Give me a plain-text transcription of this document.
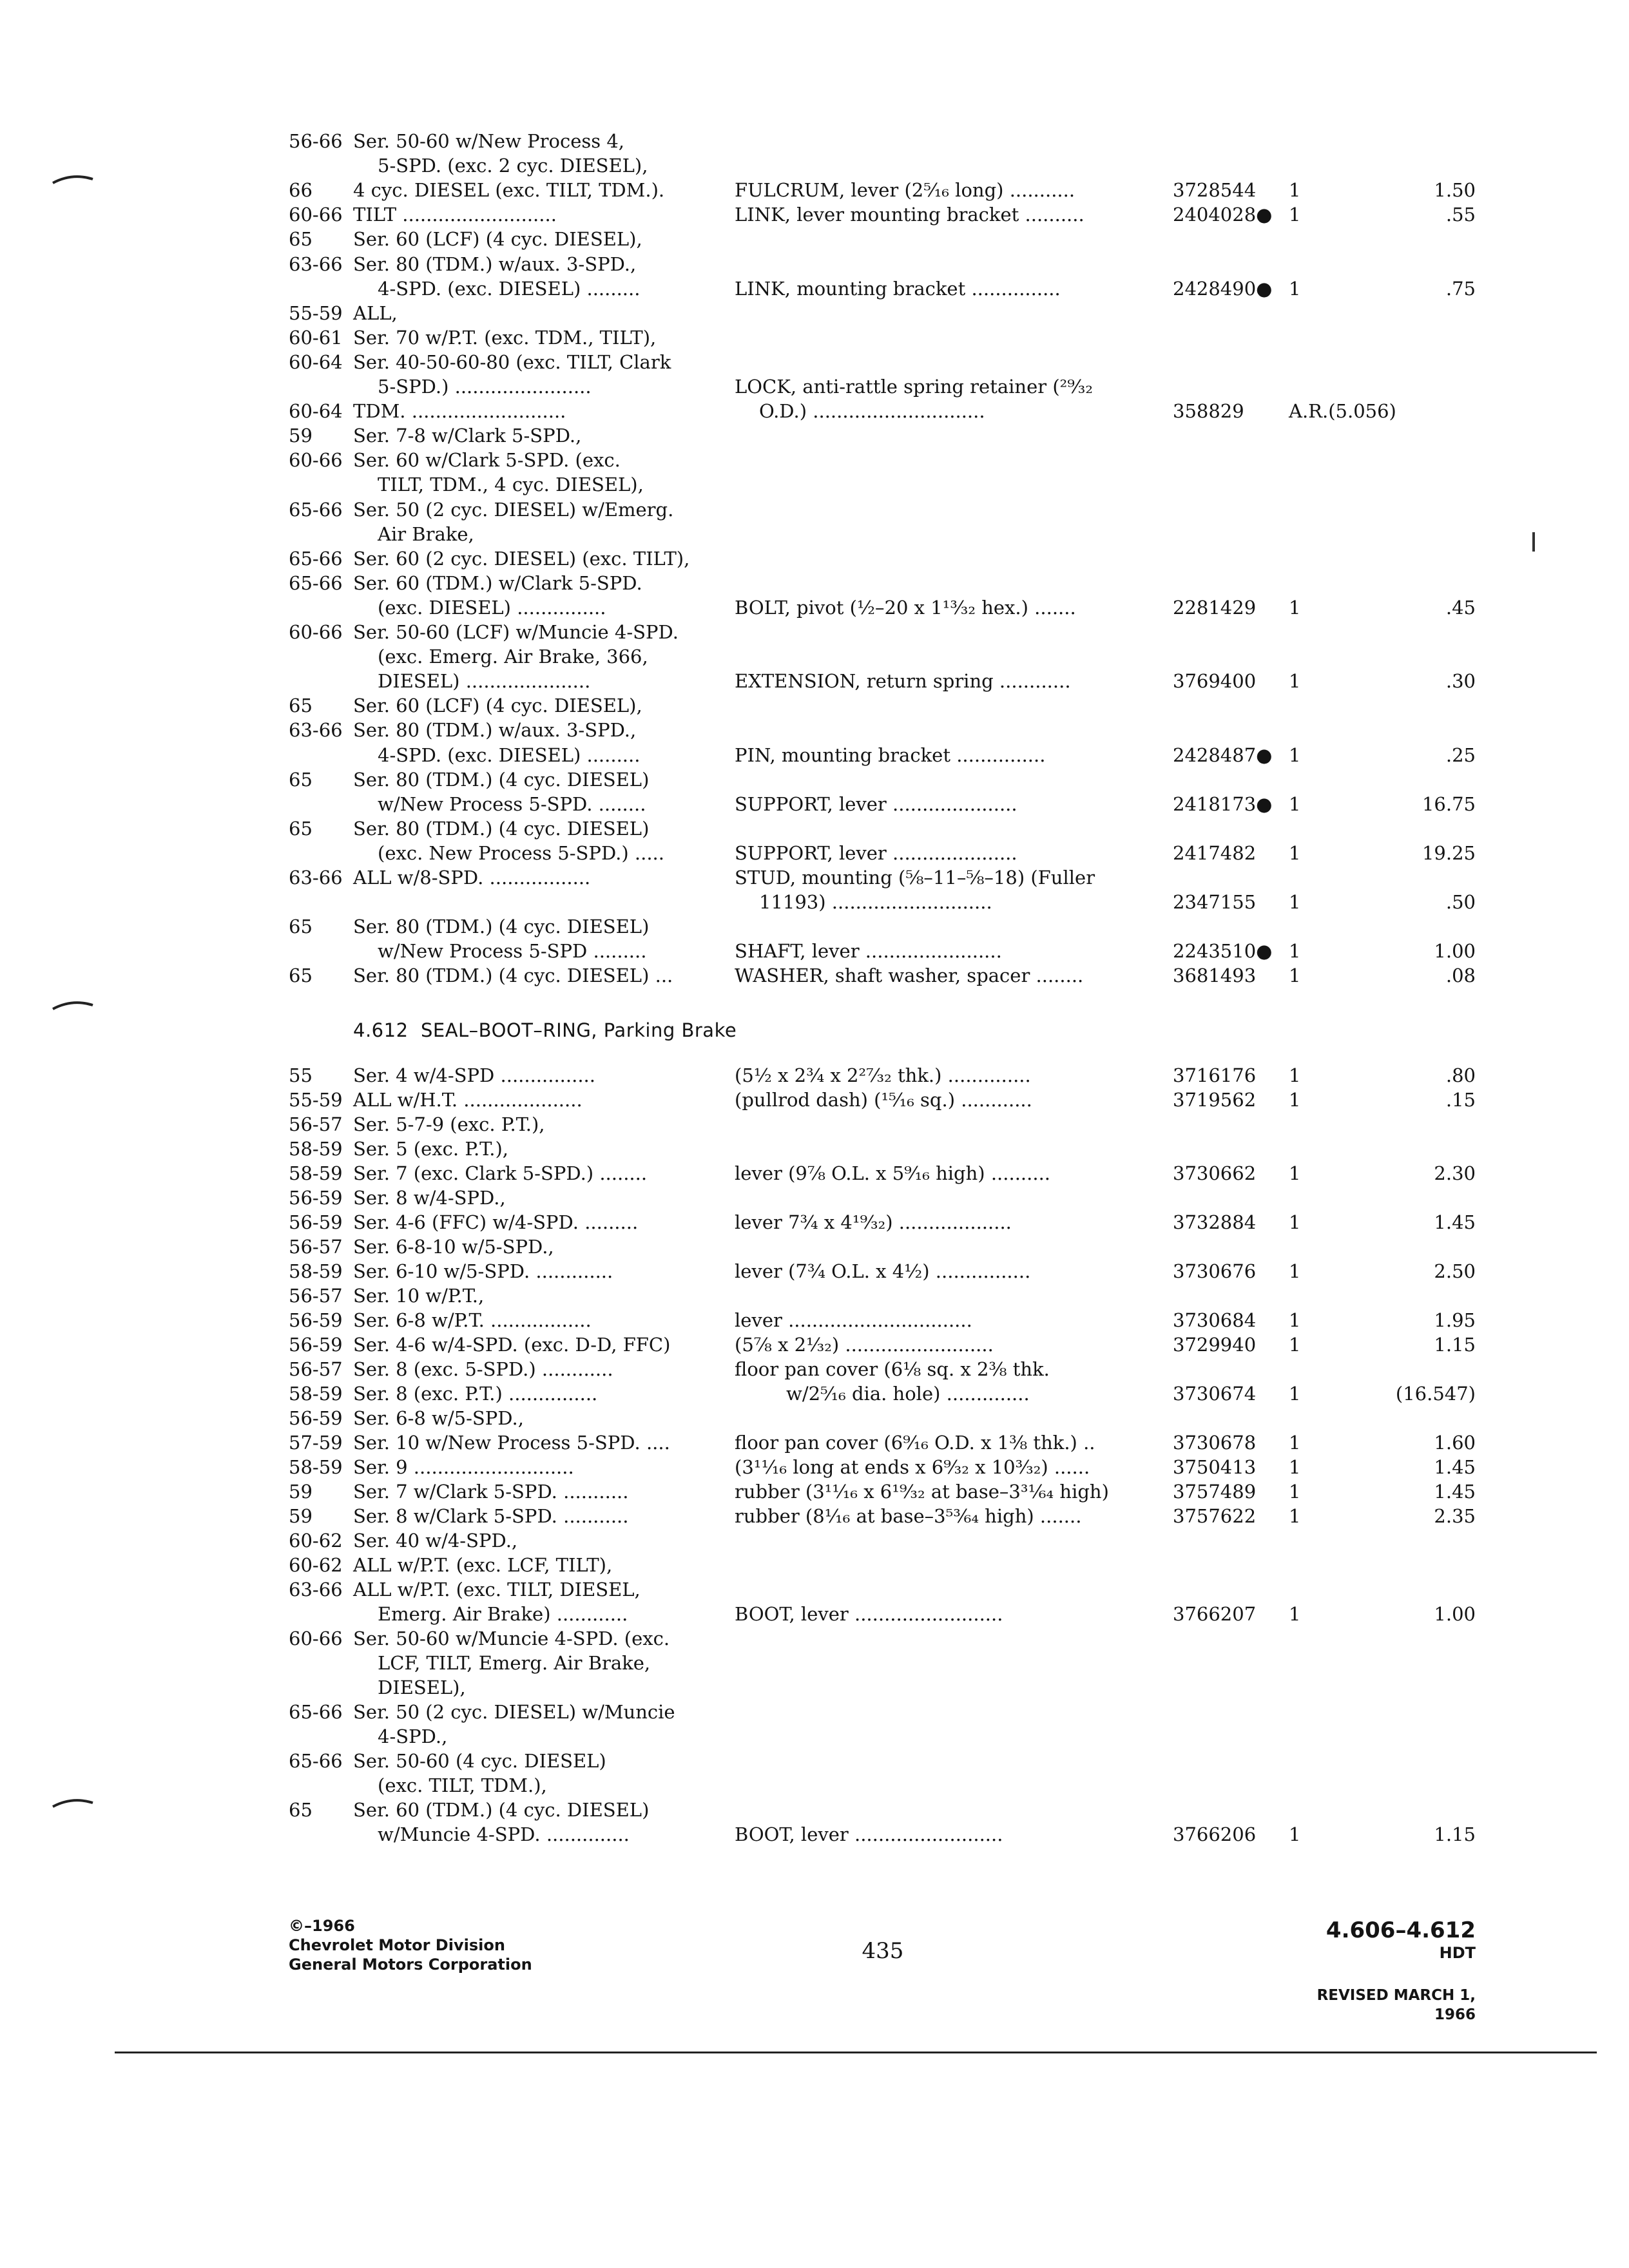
56-66 Ser. 50-60 w/New Process 4,
5-SPD. (exc. 2 cyc. DIESEL),
66	4 cyc. DIESEL (exc. TILT, TDM.).	FULCRUM, lever (2⁵⁄₁₆ long) ...........	3728544	1	1.50
60-66 TILT ..........................	LINK, lever mounting bracket ..........	2404028● 1	.55
65	Ser. 60 (LCF) (4 cyc. DIESEL),
63-66 Ser. 80 (TDM.) w/aux. 3-SPD.,
4-SPD. (exc. DIESEL) .........	LINK, mounting bracket ...............	2428490● 1	.75
55-59 ALL,
60-61 Ser. 70 w/P.T. (exc. TDM., TILT),
60-64 Ser. 40-50-60-80 (exc. TILT, Clark
5-SPD.) .......................	LOCK, anti-rattle spring retainer (²⁹⁄₃₂
60-64 TDM. ..........................	O.D.) .............................	358829	A.R.(5.056)
59	Ser. 7-8 w/Clark 5-SPD.,
60-66 Ser. 60 w/Clark 5-SPD. (exc.
TILT, TDM., 4 cyc. DIESEL),
65-66 Ser. 50 (2 cyc. DIESEL) w/Emerg.
Air Brake,
65-66 Ser. 60 (2 cyc. DIESEL) (exc. TILT),
65-66 Ser. 60 (TDM.) w/Clark 5-SPD.
(exc. DIESEL) ...............	BOLT, pivot (½–20 x 1¹³⁄₃₂ hex.) .......	2281429	1	.45
60-66 Ser. 50-60 (LCF) w/Muncie 4-SPD.
(exc. Emerg. Air Brake, 366,
DIESEL) .....................	EXTENSION, return spring ............	3769400	1	.30
65	Ser. 60 (LCF) (4 cyc. DIESEL),
63-66 Ser. 80 (TDM.) w/aux. 3-SPD.,
4-SPD. (exc. DIESEL) .........	PIN, mounting bracket ...............	2428487● 1	.25
65	Ser. 80 (TDM.) (4 cyc. DIESEL)
w/New Process 5-SPD. ........	SUPPORT, lever .....................	2418173● 1	16.75
65	Ser. 80 (TDM.) (4 cyc. DIESEL)
(exc. New Process 5-SPD.) .....	SUPPORT, lever .....................	2417482	1	19.25
63-66 ALL w/8-SPD. .................	STUD, mounting (⅝–11–⅝–18) (Fuller
11193) ...........................	2347155	1	.50
65	Ser. 80 (TDM.) (4 cyc. DIESEL)
w/New Process 5-SPD .........	SHAFT, lever .......................	2243510● 1	1.00
65	Ser. 80 (TDM.) (4 cyc. DIESEL) ...	WASHER, shaft washer, spacer ........	3681493	1	.08
4.612  SEAL–BOOT–RING, Parking Brake
55	Ser. 4 w/4-SPD ................	(5½ x 2¾ x 2²⁷⁄₃₂ thk.) ..............	3716176	1	.80
55-59 ALL w/H.T. ....................	(pullrod dash) (¹⁵⁄₁₆ sq.) ............	3719562	1	.15
56-57 Ser. 5-7-9 (exc. P.T.),
58-59 Ser. 5 (exc. P.T.),
58-59 Ser. 7 (exc. Clark 5-SPD.) ........	lever (9⅞ O.L. x 5⁹⁄₁₆ high) ..........	3730662	1	2.30
56-59 Ser. 8 w/4-SPD.,
56-59 Ser. 4-6 (FFC) w/4-SPD. .........	lever 7¾ x 4¹⁹⁄₃₂) ...................	3732884	1	1.45
56-57 Ser. 6-8-10 w/5-SPD.,
58-59 Ser. 6-10 w/5-SPD. .............	lever (7¾ O.L. x 4½) ................	3730676	1	2.50
56-57 Ser. 10 w/P.T.,
56-59 Ser. 6-8 w/P.T. .................	lever ...............................	3730684	1	1.95
56-59 Ser. 4-6 w/4-SPD. (exc. D-D, FFC)	(5⅞ x 2¹⁄₃₂) .........................	3729940	1	1.15
56-57 Ser. 8 (exc. 5-SPD.) ............	floor pan cover (6⅛ sq. x 2⅜ thk.
58-59 Ser. 8 (exc. P.T.) ...............	w/2⁵⁄₁₆ dia. hole) ..............	3730674	1	(16.547)
56-59 Ser. 6-8 w/5-SPD.,
57-59 Ser. 10 w/New Process 5-SPD. ....	floor pan cover (6⁹⁄₁₆ O.D. x 1⅜ thk.) ..	3730678	1	1.60
58-59 Ser. 9 ...........................	(3¹¹⁄₁₆ long at ends x 6⁹⁄₃₂ x 10³⁄₃₂) ......	3750413	1	1.45
59	Ser. 7 w/Clark 5-SPD. ...........	rubber (3¹¹⁄₁₆ x 6¹⁹⁄₃₂ at base–3³¹⁄₆₄ high)	3757489	1	1.45
59	Ser. 8 w/Clark 5-SPD. ...........	rubber (8¹⁄₁₆ at base–3⁵³⁄₆₄ high) .......	3757622	1	2.35
60-62 Ser. 40 w/4-SPD.,
60-62 ALL w/P.T. (exc. LCF, TILT),
63-66 ALL w/P.T. (exc. TILT, DIESEL,
Emerg. Air Brake) ............	BOOT, lever .........................	3766207	1	1.00
60-66 Ser. 50-60 w/Muncie 4-SPD. (exc.
LCF, TILT, Emerg. Air Brake,
DIESEL),
65-66 Ser. 50 (2 cyc. DIESEL) w/Muncie
4-SPD.,
65-66 Ser. 50-60 (4 cyc. DIESEL)
(exc. TILT, TDM.),
65	Ser. 60 (TDM.) (4 cyc. DIESEL)
w/Muncie 4-SPD. ..............	BOOT, lever .........................	3766206	1	1.15
©–1966
Chevrolet Motor Division
General Motors Corporation
435
4.606–4.612
HDT
REVISED MARCH 1, 1966
